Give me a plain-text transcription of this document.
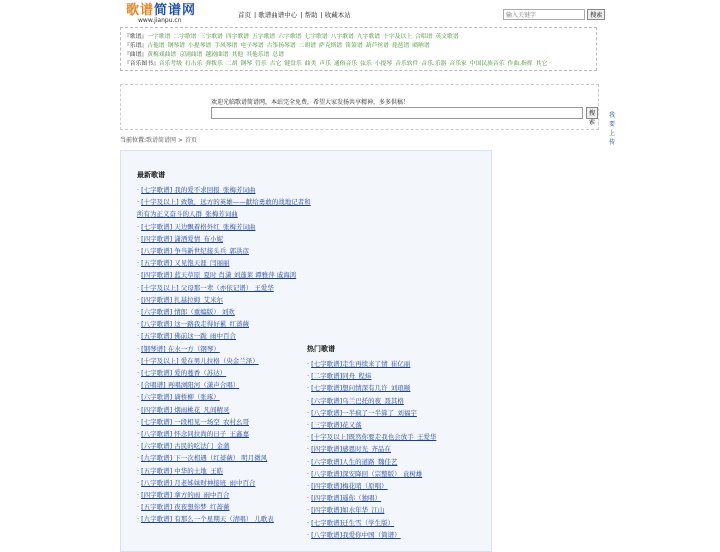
歌谱简谱网
www.jianpu.cn
首页 | 歌谱曲谱中心 | 帮助 | 收藏本站
输入关键字	搜索
『歌谱』一字歌谱 二字歌谱 三字歌谱 四字歌谱 五字歌谱 六字歌谱 七字歌谱 八字歌谱 九字歌谱 十字及以上 合唱谱 英文歌谱
『乐谱』吉他谱 钢琴谱 小提琴谱 手风琴谱 电子琴谱 古筝扬琴谱 二胡谱 萨克斯谱 笛箫谱 葫芦丝谱 琵琶谱 唢呐谱
『曲谱』黄梅戏曲谱 京剧曲谱 越剧曲谱 其他 其他乐谱 总谱
『音乐图书』音乐考级 打击乐 弹拨乐 二胡 钢琴 管乐 吉它 键盘乐 曲类 声乐 通俗音乐 弦乐 小提琴 音乐软件 音乐.乐器 音乐家 中国民族音乐 作曲.指挥 其它
欢迎光临歌谱简谱网，本站完全免费，希望大家发扬共享精神，多多供稿！
搜索
我要上传
当前位置:歌谱简谱网 > 首页
最新歌谱
· [七字歌谱] 我的爱不求回报_张梅芳词曲
· [十字及以上] 致敬，远方的英雄——献给勇敢的战地记者和所有为正义奋斗的人群_张梅芳词曲
· [七字歌谱] 天边飘着格外红_张梅芳词曲
· [四字歌谱] 潇洒爱情_布小妮
· [八字歌谱] 争当新世纪接头兵_郭洪彦
· [五字歌谱] 又见饱天涯_闫丽丽
· [四字歌谱] 蓝天草原_夏时 肖潇 刘蓬莱 谭雅萍 戚海鸿
· [十字及以上] 父母那一辈（亦依记谱） 王爱华
· [四字歌谱] 扎基拉姆_艾米尔
· [六字歌谱] 情郎（重编版） 刘欢
· [八字歌谱] 这一路我走得好累_红蔷薇
· [五字歌谱] 佛前这一跪_雨中百合
· [钢琴谱] 在水一方（钢琴）
· [十字及以上] 爱在男儿拉格（央金兰泽）
· [七字歌谱] 爱的蔓香（苏达）
· [合唱谱] 再唱浏阳河（潇声合唱）
· [六字歌谱] 谪桥柳（张琢）
· [四字歌谱] 烟雨桃花_凡间精灵
· [七字歌谱] 一段相见一场空_农村幺哥
· [八字歌谱] 怀念同拉尚的日子_王鑫嘉
· [六字歌谱] 古民的吃法门_金蒲
· [九字歌谱] 下一次相遇（红蔷薇） 明月微风
· [五字歌谱] 中华的土地_王皓
· [八字歌谱] 月老姊妹财神接班_雨中百合
· [四字歌谱] 拿方的雨_雨中百合
· [五字歌谱] 夜夜想你梦_红蔷薇
· [九字歌谱] 有那么一个星期天（清唱） 儿歌表
热门歌谱
· [七字歌谱]走生再续来了情_崔亿丽
· [二字歌谱]同舟_程炜
· [七字歌谱]想问情深有几许_刘琅颐
· [六字歌谱]乌兰巴托的夜_聂其格
· [八字歌谱]一半疯了一半算了_刘福宇
· [三字歌谱]花又落
· [十字及以上]既然你要走我也会放手_王爱华
· [四字歌谱]感恩时光_齐品在
· [六字歌谱]人生的道路_魏佳艺
· [八字歌谱]深安降回（宗整版） 袁树雄
· [四字歌谱]梅花哨（原唱）
· [四字歌谱]遥你（独唱）
· [四字歌谱]如水年华_江山
· [七字歌谱]迁生雪（学生版）
· [八字歌谱]我爱你中国（简谱）
